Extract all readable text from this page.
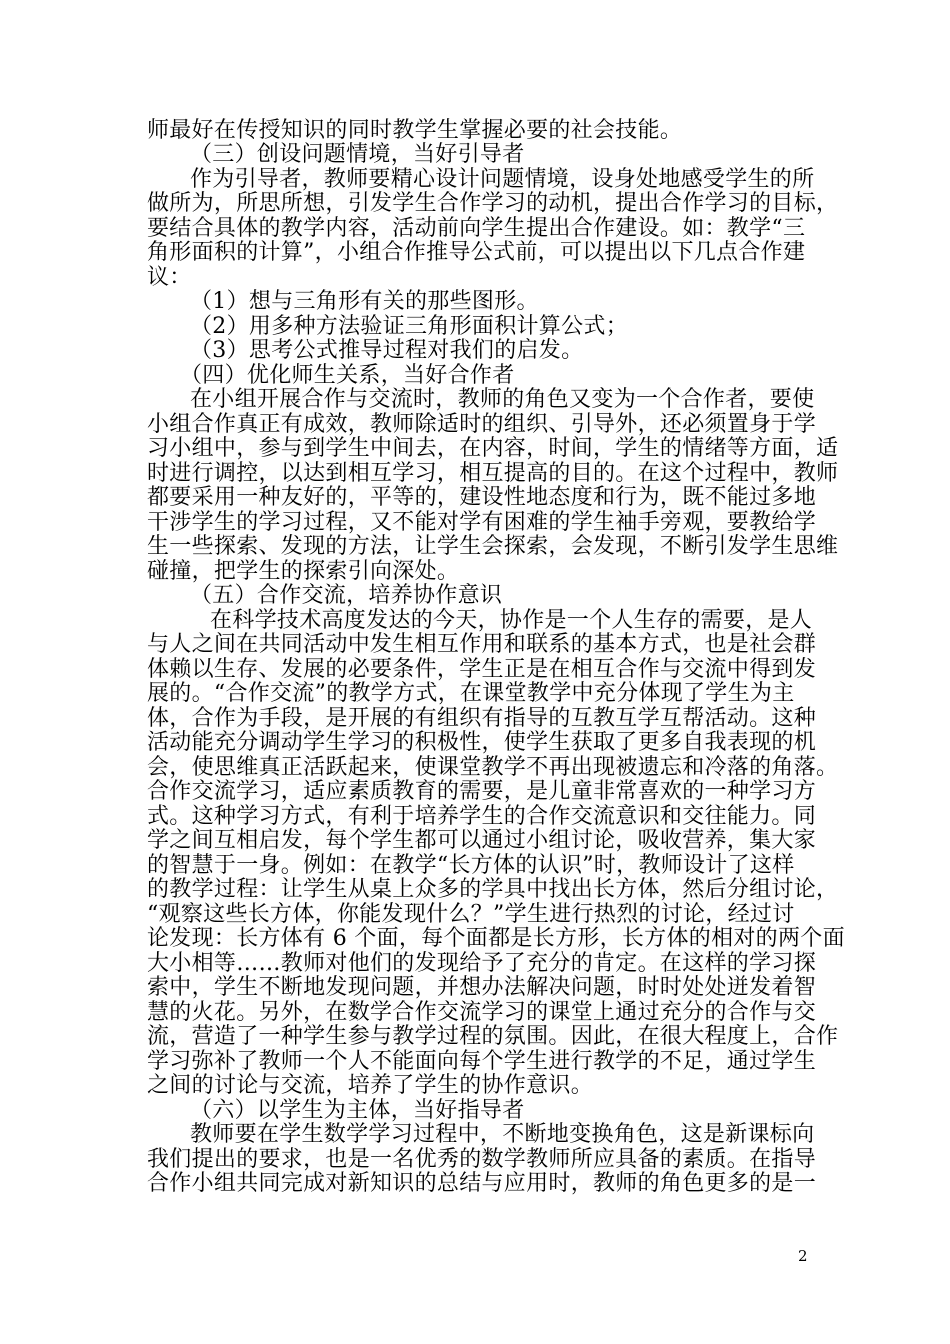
师最好在传授知识的同时教学生掌握必要的社会技能。
（三）创设问题情境，当好引导者
作为引导者，教师要精心设计问题情境，设身处地感受学生的所
做所为，所思所想，引发学生合作学习的动机，提出合作学习的目标，
要结合具体的教学内容，活动前向学生提出合作建设。如：教学“三
角形面积的计算”，小组合作推导公式前，可以提出以下几点合作建
议：
（1）想与三角形有关的那些图形。
（2）用多种方法验证三角形面积计算公式；
（3）思考公式推导过程对我们的启发。
（四）优化师生关系，当好合作者
在小组开展合作与交流时，教师的角色又变为一个合作者，要使
小组合作真正有成效，教师除适时的组织、引导外，还必须置身于学
习小组中，参与到学生中间去，在内容，时间，学生的情绪等方面，适
时进行调控，以达到相互学习，相互提高的目的。在这个过程中，教师
都要采用一种友好的，平等的，建设性地态度和行为，既不能过多地
干涉学生的学习过程，又不能对学有困难的学生袖手旁观，要教给学
生一些探索、发现的方法，让学生会探索，会发现，不断引发学生思维
碰撞，把学生的探索引向深处。
（五）合作交流，培养协作意识
在科学技术高度发达的今天，协作是一个人生存的需要，是人
与人之间在共同活动中发生相互作用和联系的基本方式，也是社会群
体赖以生存、发展的必要条件，学生正是在相互合作与交流中得到发
展的。“合作交流”的教学方式，在课堂教学中充分体现了学生为主
体，合作为手段，是开展的有组织有指导的互教互学互帮活动。这种
活动能充分调动学生学习的积极性，使学生获取了更多自我表现的机
会，使思维真正活跃起来，使课堂教学不再出现被遗忘和冷落的角落。
合作交流学习，适应素质教育的需要，是儿童非常喜欢的一种学习方
式。这种学习方式，有利于培养学生的合作交流意识和交往能力。同
学之间互相启发，每个学生都可以通过小组讨论，吸收营养，集大家
的智慧于一身。例如：在教学“长方体的认识”时，教师设计了这样
的教学过程：让学生从桌上众多的学具中找出长方体，然后分组讨论，
“观察这些长方体，你能发现什么？”学生进行热烈的讨论，经过讨
论发现：长方体有 6 个面，每个面都是长方形，长方体的相对的两个面
大小相等……教师对他们的发现给予了充分的肯定。在这样的学习探
索中，学生不断地发现问题，并想办法解决问题，时时处处迸发着智
慧的火花。另外，在数学合作交流学习的课堂上通过充分的合作与交
流，营造了一种学生参与教学过程的氛围。因此，在很大程度上，合作
学习弥补了教师一个人不能面向每个学生进行教学的不足，通过学生
之间的讨论与交流，培养了学生的协作意识。
（六）以学生为主体，当好指导者
教师要在学生数学学习过程中，不断地变换角色，这是新课标向
我们提出的要求，也是一名优秀的数学教师所应具备的素质。在指导
合作小组共同完成对新知识的总结与应用时，教师的角色更多的是一
2
